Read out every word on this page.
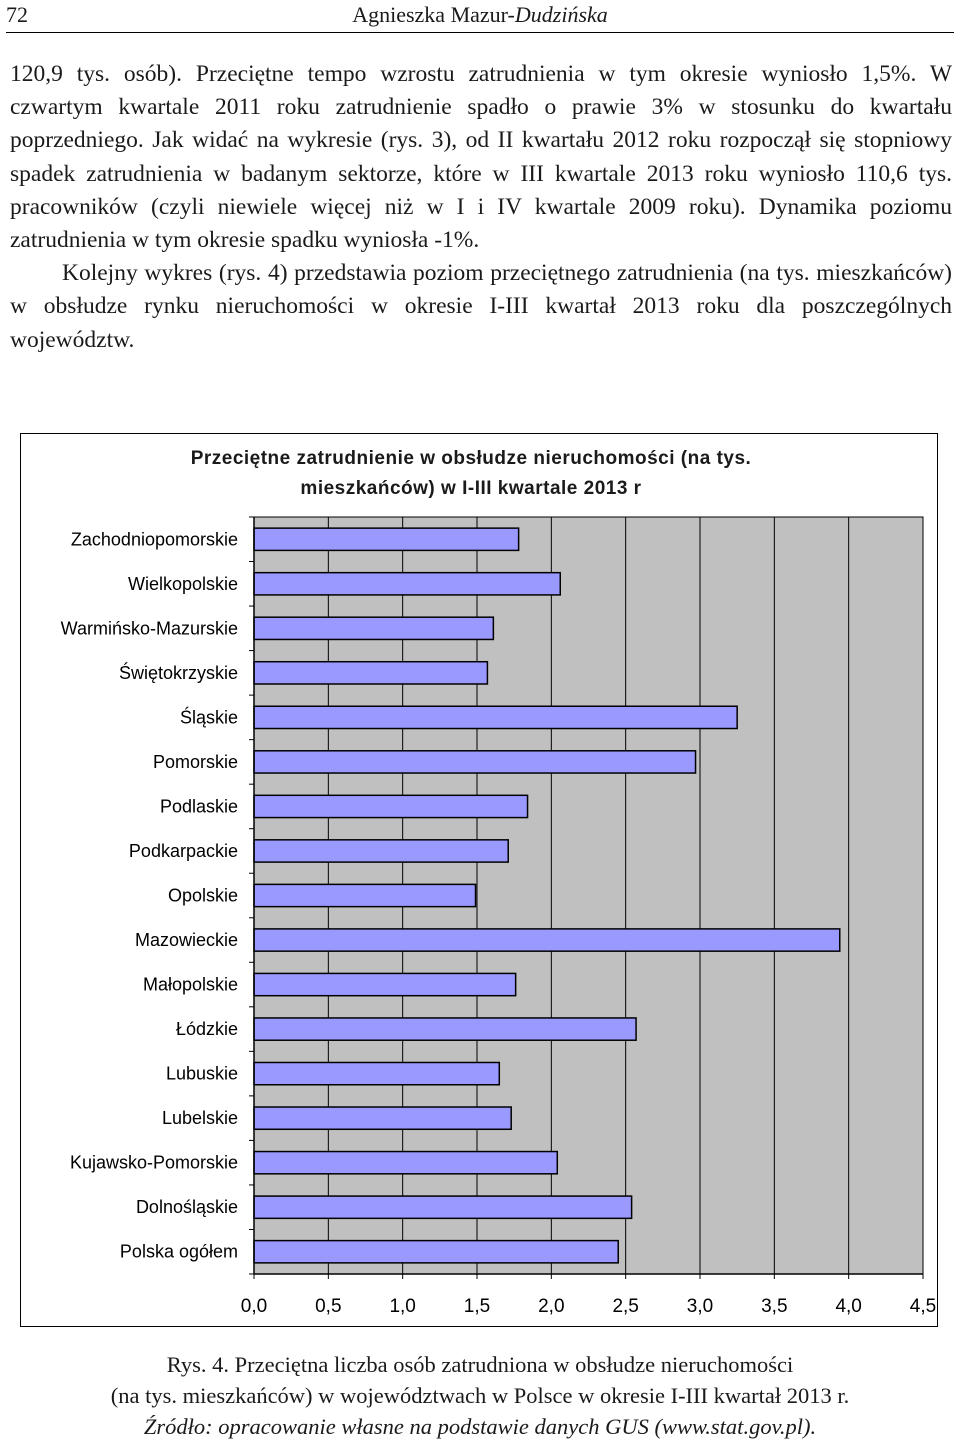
72	Agnieszka Mazur-Dudzińska

120,9 tys. osób). Przeciętne tempo wzrostu zatrudnienia w tym okresie wyniosło 1,5%. W czwartym kwartale 2011 roku zatrudnienie spadło o prawie 3% w stosunku do kwartału poprzedniego. Jak widać na wykresie (rys. 3), od II kwartału 2012 roku rozpoczął się stopniowy spadek zatrudnienia w badanym sektorze, które w III kwartale 2013 roku wyniosło 110,6 tys. pracowników (czyli niewiele więcej niż w I i IV kwartale 2009 roku). Dynamika poziomu zatrudnienia w tym okresie spadku wyniosła -1%.

Kolejny wykres (rys. 4) przedstawia poziom przeciętnego zatrudnienia (na tys. mieszkańców) w obsłudze rynku nieruchomości w okresie I-III kwartał 2013 roku dla poszczególnych województw.

Przeciętne zatrudnienie w obsłudze nieruchomości (na tys.
mieszkańców) w I-III kwartale 2013 r
Zachodniopomorskie
Wielkopolskie
Warmińsko-Mazurskie
Świętokrzyskie
Śląskie
Pomorskie
Podlaskie
Podkarpackie
Opolskie
Mazowieckie
Małopolskie
Łódzkie
Lubuskie
Lubelskie
Kujawsko-Pomorskie
Dolnośląskie
Polska ogółem
0,0	0,5	1,0	1,5	2,0	2,5	3,0	3,5	4,0	4,5
Rys. 4. Przeciętna liczba osób zatrudniona w obsłudze nieruchomości
(na tys. mieszkańców) w województwach w Polsce w okresie I-III kwartał 2013 r.
Źródło: opracowanie własne na podstawie danych GUS (www.stat.gov.pl).
